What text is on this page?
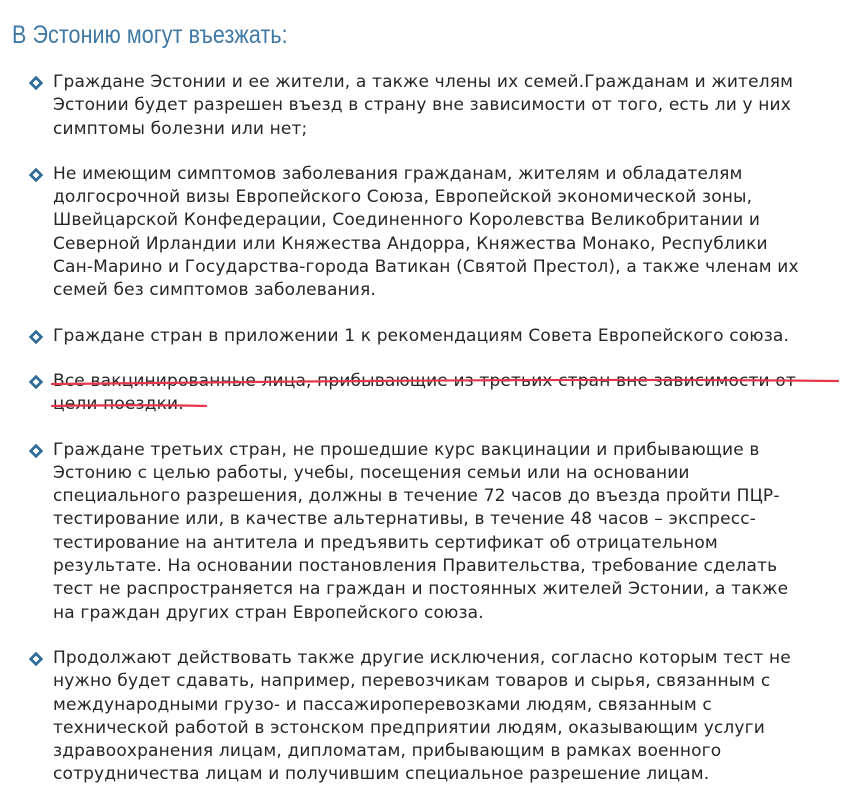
В Эстонию могут въезжать:
Граждане Эстонии и ее жители, а также члены их семей.Гражданам и жителям
Эстонии будет разрешен въезд в страну вне зависимости от того, есть ли у них
симптомы болезни или нет;
Не имеющим симптомов заболевания гражданам, жителям и обладателям
долгосрочной визы Европейского Союза, Европейской экономической зоны,
Швейцарской Конфедерации, Соединенного Королевства Великобритании и
Северной Ирландии или Княжества Андорра, Княжества Монако, Республики
Сан-Марино и Государства-города Ватикан (Святой Престол), а также членам их
семей без симптомов заболевания.
Граждане стран в приложении 1 к рекомендациям Совета Европейского союза.
Все вакцинированные лица, прибывающие из третьих стран вне зависимости от
цели поездки.
Граждане третьих стран, не прошедшие курс вакцинации и прибывающие в
Эстонию с целью работы, учебы, посещения семьи или на основании
специального разрешения, должны в течение 72 часов до въезда пройти ПЦР-
тестирование или, в качестве альтернативы, в течение 48 часов – экспресс-
тестирование на антитела и предъявить сертификат об отрицательном
результате. На основании постановления Правительства, требование сделать
тест не распространяется на граждан и постоянных жителей Эстонии, а также
на граждан других стран Европейского союза.
Продолжают действовать также другие исключения, согласно которым тест не
нужно будет сдавать, например, перевозчикам товаров и сырья, связанным с
международными грузо- и пассажироперевозками людям, связанным с
технической работой в эстонском предприятии людям, оказывающим услуги
здравоохранения лицам, дипломатам, прибывающим в рамках военного
сотрудничества лицам и получившим специальное разрешение лицам.
